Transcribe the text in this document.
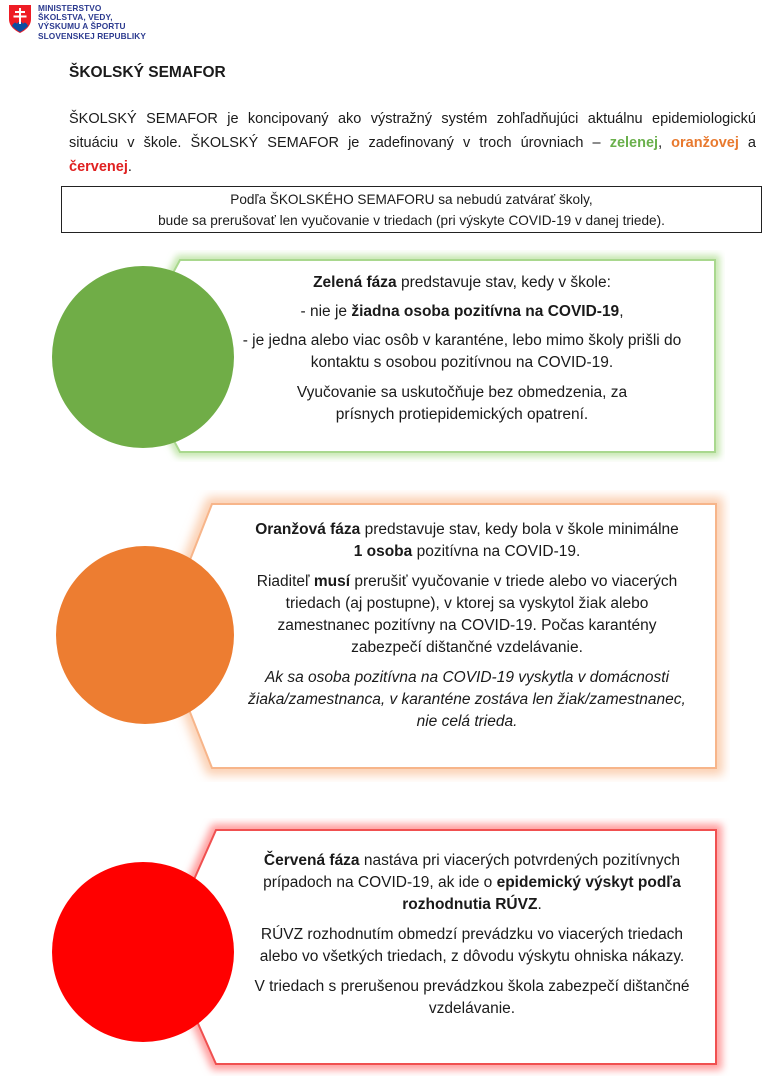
MINISTERSTVO
ŠKOLSTVA, VEDY,
VÝSKUMU A ŠPORTU
SLOVENSKEJ REPUBLIKY
ŠKOLSKÝ SEMAFOR
ŠKOLSKÝ SEMAFOR je koncipovaný ako výstražný systém zohľadňujúci aktuálnu epidemiologickú situáciu v škole. ŠKOLSKÝ SEMAFOR je zadefinovaný v troch úrovniach – zelenej, oranžovej a červenej.
Podľa ŠKOLSKÉHO SEMAFORU sa nebudú zatvárať školy,
bude sa prerušovať len vyučovanie v triedach (pri výskyte COVID-19 v danej triede).

Zelená fáza predstavuje stav, kedy v škole:

- nie je žiadna osoba pozitívna na COVID-19,

- je jedna alebo viac osôb v karanténe, lebo mimo školy prišli do kontaktu s osobou pozitívnou na COVID-19.

Vyučovanie sa uskutočňuje bez obmedzenia, za prísnych protiepidemických opatrení.

Oranžová fáza predstavuje stav, kedy bola v škole minimálne 1 osoba pozitívna na COVID-19.

Riaditeľ musí prerušiť vyučovanie v triede alebo vo viacerých triedach (aj postupne), v ktorej sa vyskytol žiak alebo zamestnanec pozitívny na COVID-19. Počas karantény zabezpečí dištančné vzdelávanie.

Ak sa osoba pozitívna na COVID-19 vyskytla v domácnosti žiaka/zamestnanca, v karanténe zostáva len žiak/zamestnanec, nie celá trieda.

Červená fáza nastáva pri viacerých potvrdených pozitívnych prípadoch na COVID-19, ak ide o epidemický výskyt podľa rozhodnutia RÚVZ.

RÚVZ rozhodnutím obmedzí prevádzku vo viacerých triedach alebo vo všetkých triedach, z dôvodu výskytu ohniska nákazy.

V triedach s prerušenou prevádzkou škola zabezpečí dištančné vzdelávanie.
